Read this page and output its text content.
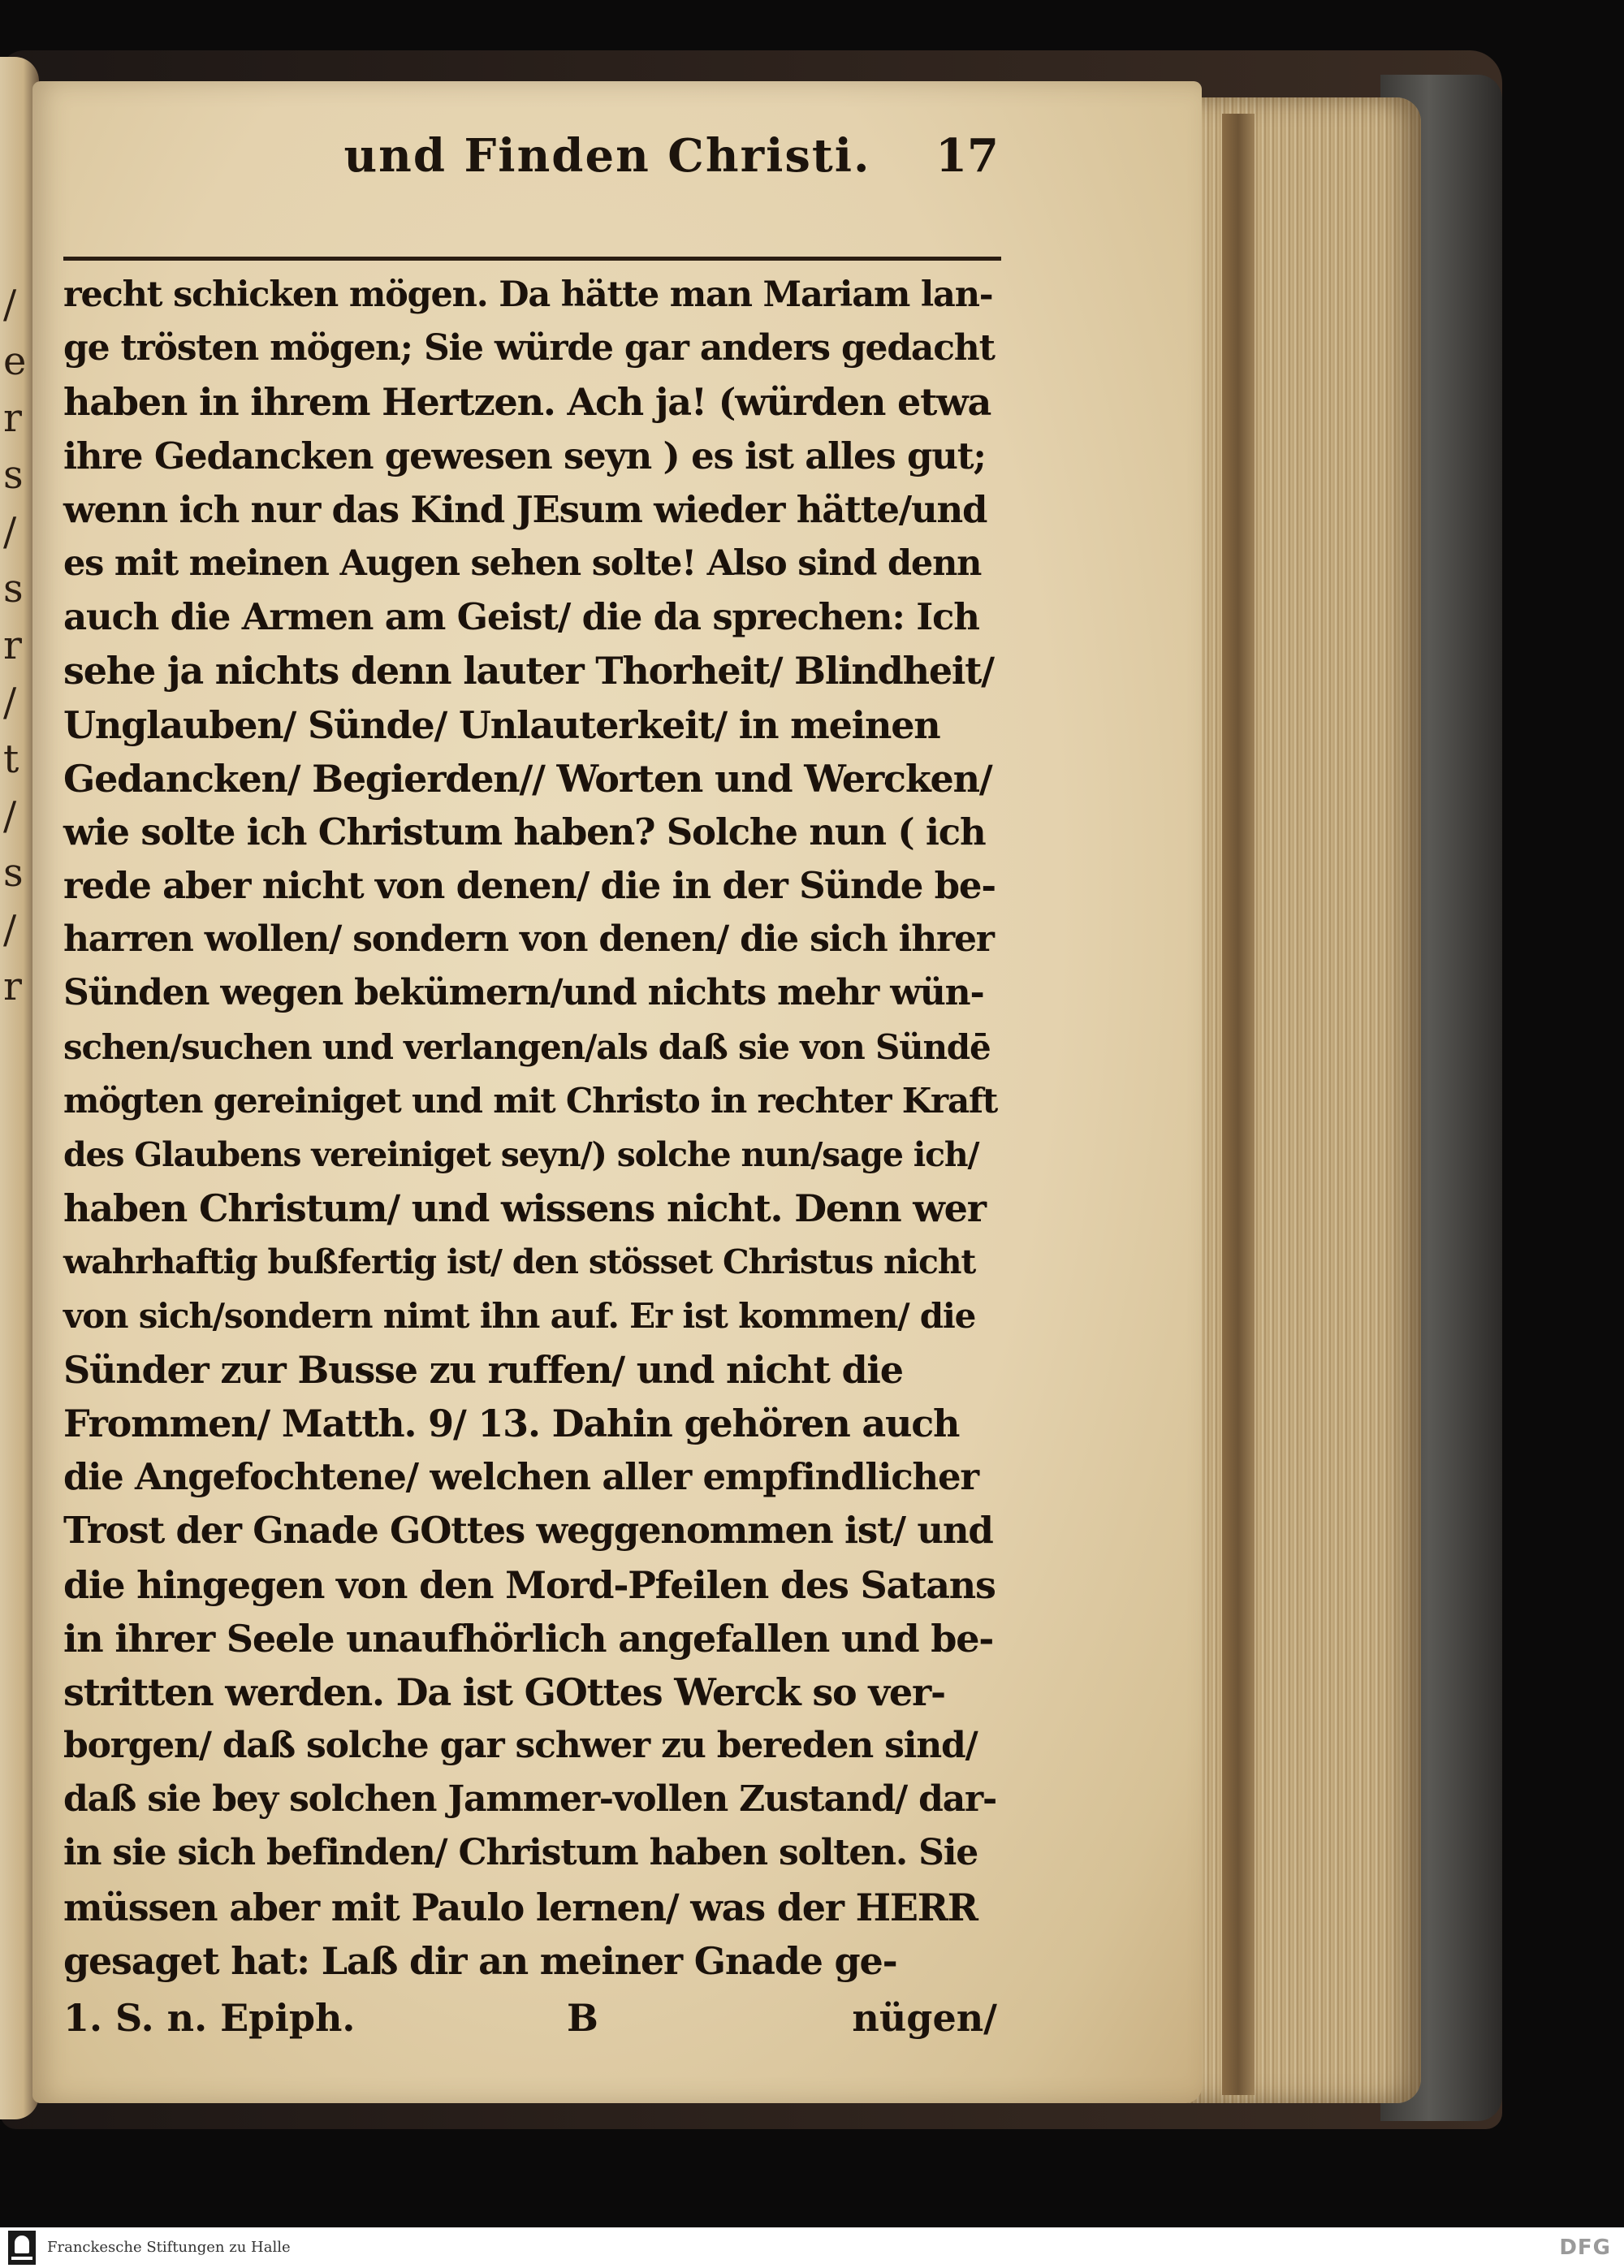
/
e
r
s
/
s
r
/
t
/
s
/
r
und Finden Christi.	17
recht schicken mögen. Da hätte man Mariam lan-
ge trösten mögen; Sie würde gar anders gedacht
haben in ihrem Hertzen. Ach ja! (würden etwa
ihre Gedancken gewesen seyn ) es ist alles gut;
wenn ich nur das Kind JEsum wieder hätte/und
es mit meinen Augen sehen solte! Also sind denn
auch die Armen am Geist/ die da sprechen: Ich
sehe ja nichts denn lauter Thorheit/ Blindheit/
Unglauben/ Sünde/ Unlauterkeit/ in meinen
Gedancken/ Begierden// Worten und Wercken/
wie solte ich Christum haben? Solche nun ( ich
rede aber nicht von denen/ die in der Sünde be-
harren wollen/ sondern von denen/ die sich ihrer
Sünden wegen bekümern/und nichts mehr wün-
schen/suchen und verlangen/als daß sie von Sündē
mögten gereiniget und mit Christo in rechter Kraft
des Glaubens vereiniget seyn/) solche nun/sage ich/
haben Christum/ und wissens nicht. Denn wer
wahrhaftig bußfertig ist/ den stösset Christus nicht
von sich/sondern nimt ihn auf. Er ist kommen/ die
Sünder zur Busse zu ruffen/ und nicht die
Frommen/ Matth. 9/ 13. Dahin gehören auch
die Angefochtene/ welchen aller empfindlicher
Trost der Gnade GOttes weggenommen ist/ und
die hingegen von den Mord-Pfeilen des Satans
in ihrer Seele unaufhörlich angefallen und be-
stritten werden. Da ist GOttes Werck so ver-
borgen/ daß solche gar schwer zu bereden sind/
daß sie bey solchen Jammer-vollen Zustand/ dar-
in sie sich befinden/ Christum haben solten. Sie
müssen aber mit Paulo lernen/ was der HERR
gesaget hat: Laß dir an meiner Gnade ge-
1. S. n. Epiph.	B	nügen/
Franckesche Stiftungen zu Halle	DFG
